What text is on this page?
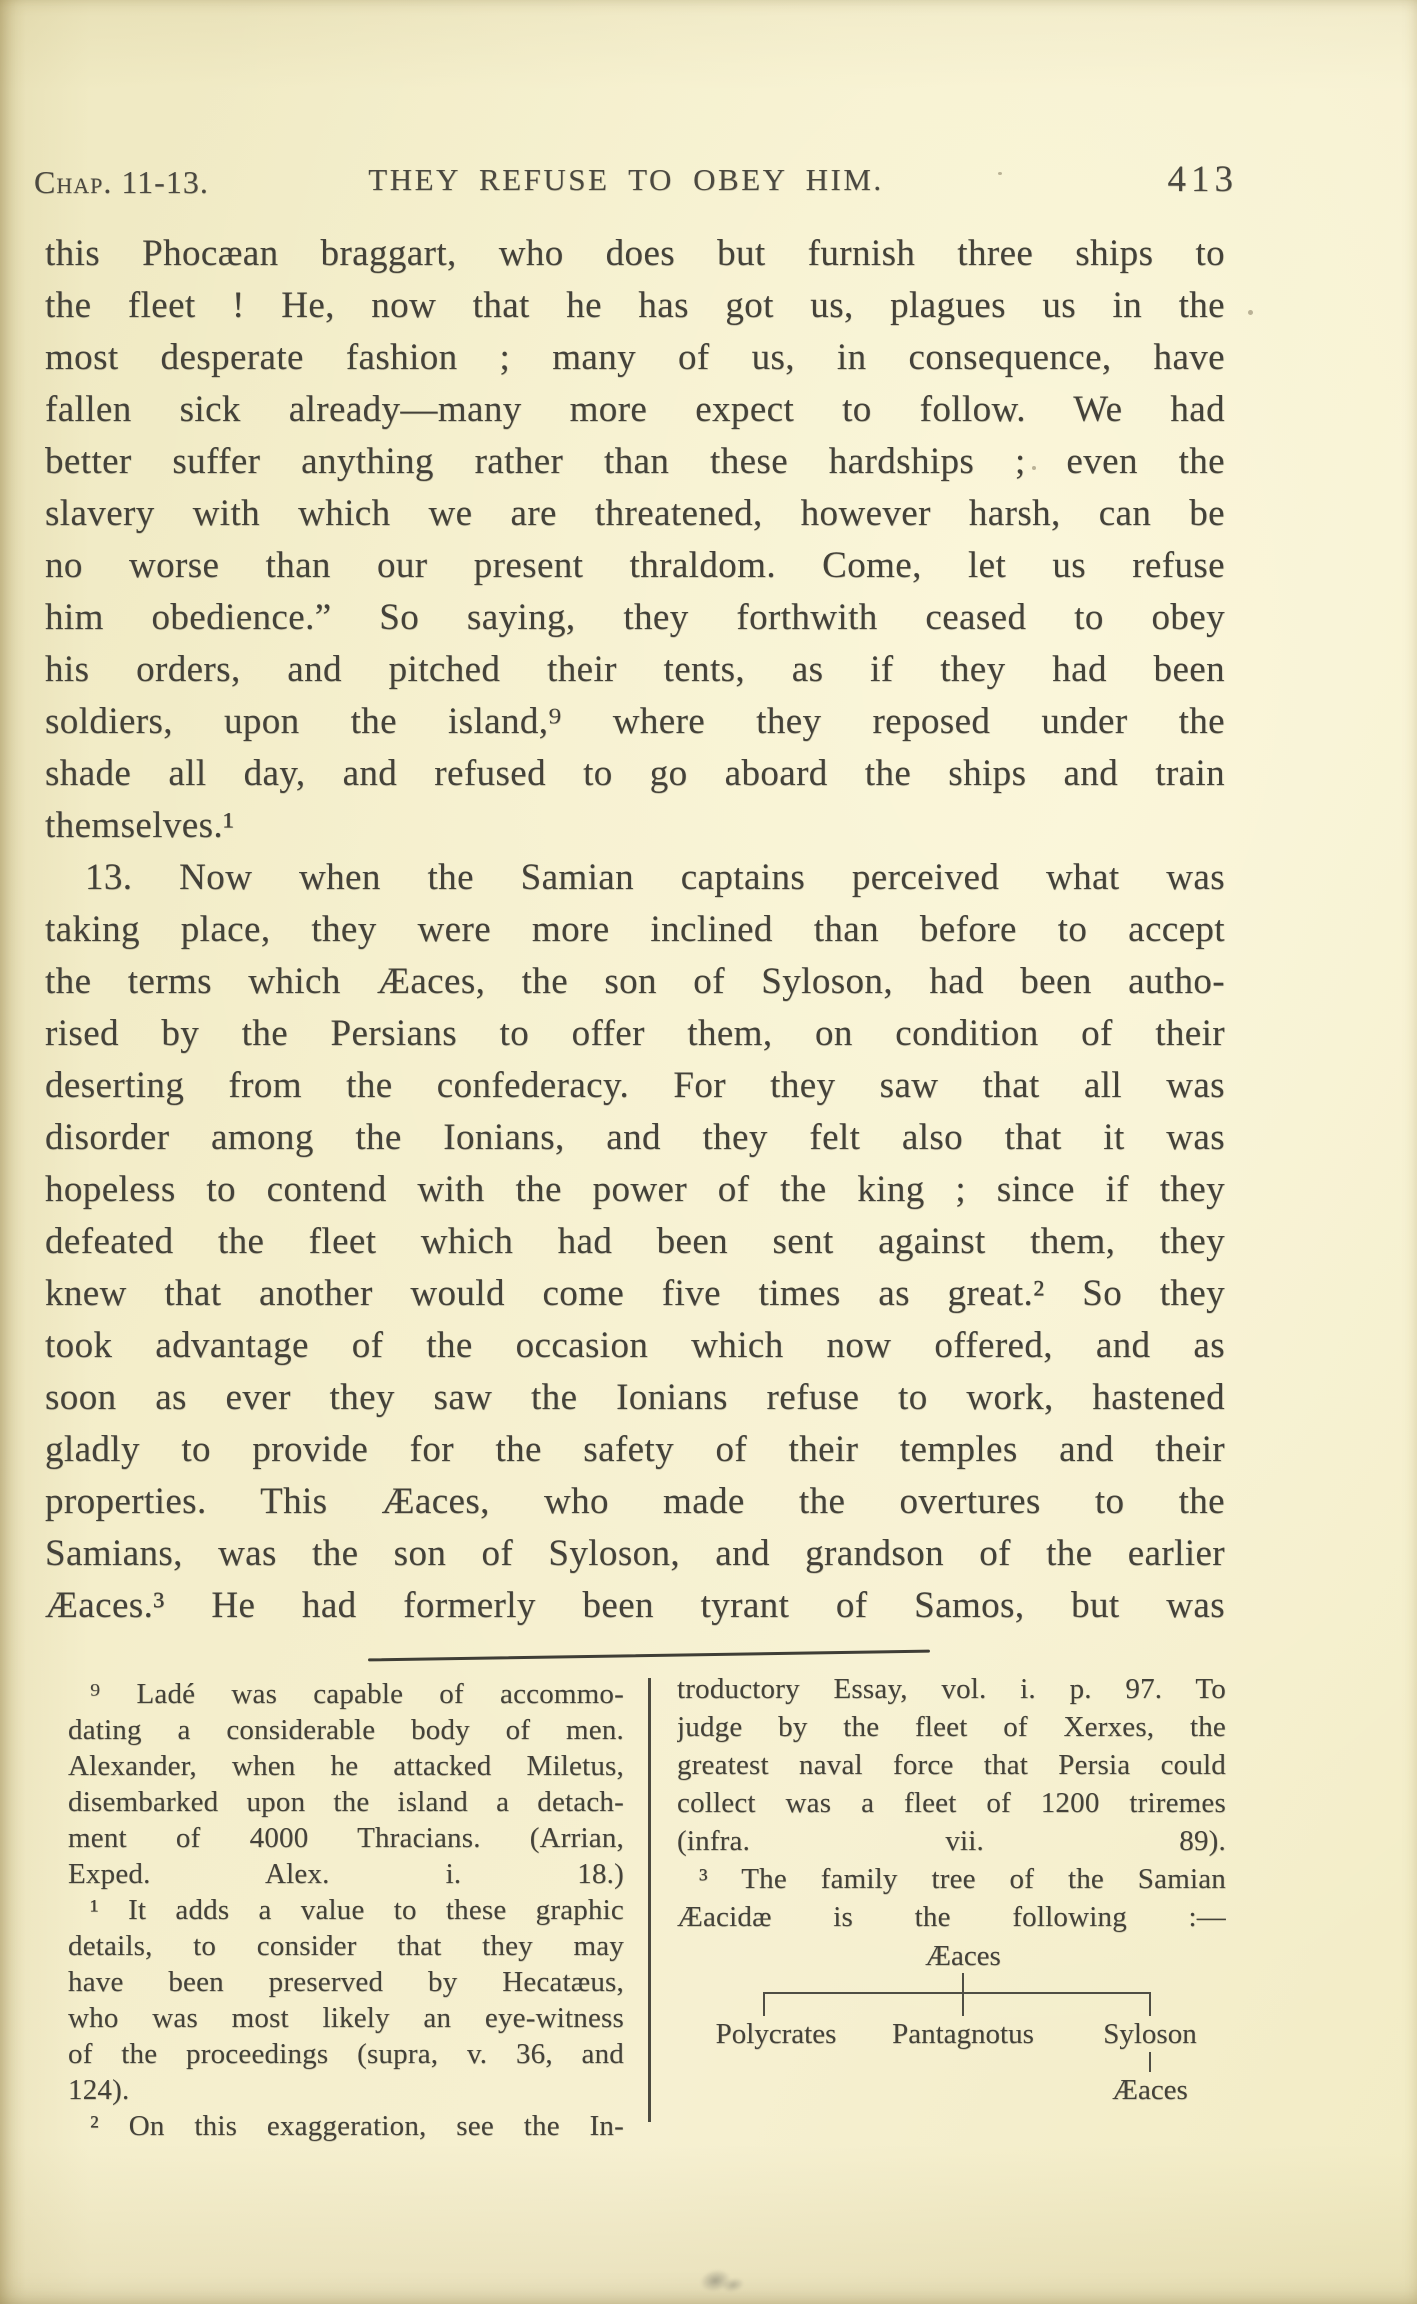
Chap. 11-13.	THEY REFUSE TO OBEY HIM.	413
this Phocæan braggart, who does but furnish three ships to
the fleet ! He, now that he has got us, plagues us in the
most desperate fashion ; many of us, in consequence, have
fallen sick already—many more expect to follow. We had
better suffer anything rather than these hardships ; even the
slavery with which we are threatened, however harsh, can be
no worse than our present thraldom. Come, let us refuse
him obedience.” So saying, they forthwith ceased to obey
his orders, and pitched their tents, as if they had been
soldiers, upon the island,⁹ where they reposed under the
shade all day, and refused to go aboard the ships and train
themselves.¹
13. Now when the Samian captains perceived what was
taking place, they were more inclined than before to accept
the terms which Æaces, the son of Syloson, had been autho-
rised by the Persians to offer them, on condition of their
deserting from the confederacy. For they saw that all was
disorder among the Ionians, and they felt also that it was
hopeless to contend with the power of the king ; since if they
defeated the fleet which had been sent against them, they
knew that another would come five times as great.² So they
took advantage of the occasion which now offered, and as
soon as ever they saw the Ionians refuse to work, hastened
gladly to provide for the safety of their temples and their
properties. This Æaces, who made the overtures to the
Samians, was the son of Syloson, and grandson of the earlier
Æaces.³ He had formerly been tyrant of Samos, but was
⁹ Ladé was capable of accommo-
dating a considerable body of men.
Alexander, when he attacked Miletus,
disembarked upon the island a detach-
ment of 4000 Thracians. (Arrian,
Exped. Alex. i. 18.)
¹ It adds a value to these graphic
details, to consider that they may
have been preserved by Hecatæus,
who was most likely an eye-witness
of the proceedings (supra, v. 36, and
124).
² On this exaggeration, see the In-
troductory Essay, vol. i. p. 97. To
judge by the fleet of Xerxes, the
greatest naval force that Persia could
collect was a fleet of 1200 triremes
(infra. vii. 89).
³ The family tree of the Samian
Æacidæ is the following :—
Æaces
Polycrates	Pantagnotus	Syloson
Æaces
